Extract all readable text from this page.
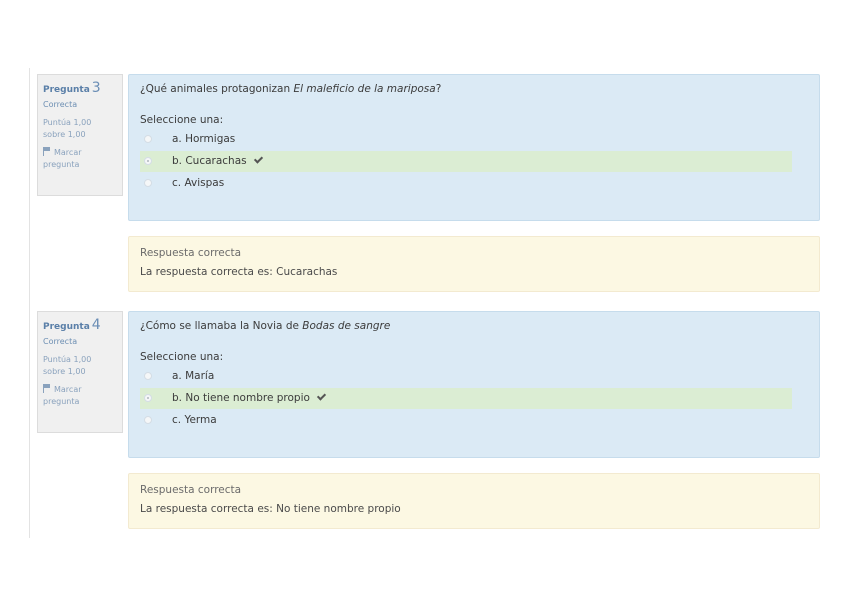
Pregunta 3
Correcta
Puntúa 1,00
sobre 1,00
Marcar
pregunta
¿Qué animales protagonizan El maleficio de la mariposa?
Seleccione una:
a. Hormigas
b. Cucarachas
c. Avispas
Respuesta correcta
La respuesta correcta es: Cucarachas
Pregunta 4
Correcta
Puntúa 1,00
sobre 1,00
Marcar
pregunta
¿Cómo se llamaba la Novia de Bodas de sangre
Seleccione una:
a. María
b. No tiene nombre propio
c. Yerma
Respuesta correcta
La respuesta correcta es: No tiene nombre propio
